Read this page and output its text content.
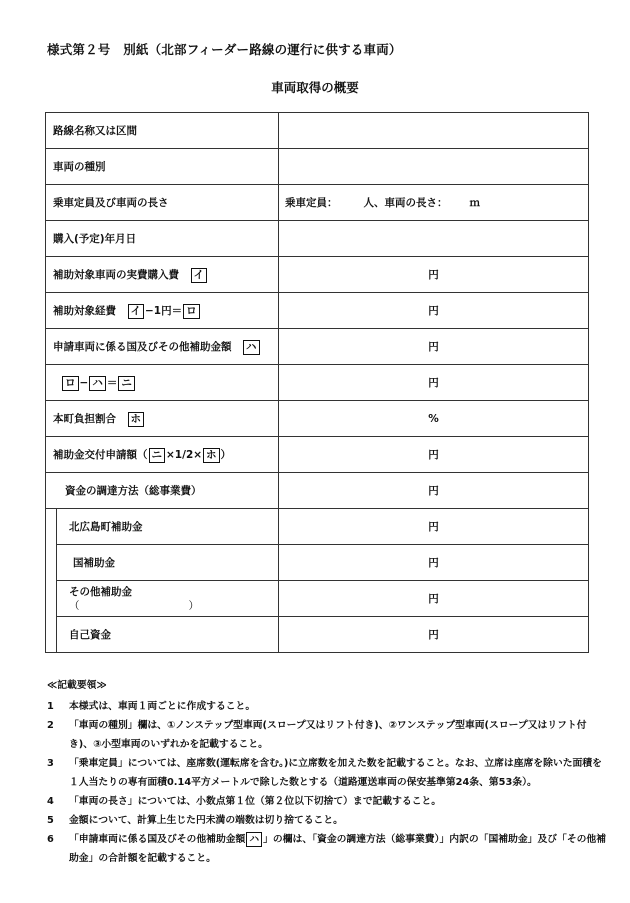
様式第２号　別紙（北部フィーダー路線の運行に供する車両）
車両取得の概要
路線名称又は区間		
車両の種別		
乗車定員及び車両の長さ		乗車定員： 人、車両の長さ： ｍ
購入(予定)年月日		
補助対象車両の実費購入費　 イ		円
補助対象経費　 イ −1円＝ ロ		円
申請車両に係る国及びその他補助金額　 ハ		円
ロ − ハ ＝ ニ		円
本町負担割合　 ホ		%
補助金交付申請額（ ニ ×1/2× ホ ）		円
資金の調達方法（総事業費）		円
	北広島町補助金	円
	国補助金	円

	その他補助金
（ ）	円
	自己資金	円
≪記載要領≫
1	本様式は、車両１両ごとに作成すること。
2	「車両の種別」欄は、①ノンステップ型車両(スロープ又はリフト付き)、②ワンステップ型車両(スロープ又はリフト付き)、③小型車両のいずれかを記載すること。
3	「乗車定員」については、座席数(運転席を含む。)に立席数を加えた数を記載すること。なお、立席は座席を除いた面積を１人当たりの専有面積0.14平方メートルで除した数とする（道路運送車両の保安基準第24条、第53条）。
4	「車両の長さ」については、小数点第１位（第２位以下切捨て）まで記載すること。
5	金額について、計算上生じた円未満の端数は切り捨てること。
6	「申請車両に係る国及びその他補助金額 ハ 」の欄は、「資金の調達方法（総事業費）」内訳の「国補助金」及び「その他補助金」の合計額を記載すること。
